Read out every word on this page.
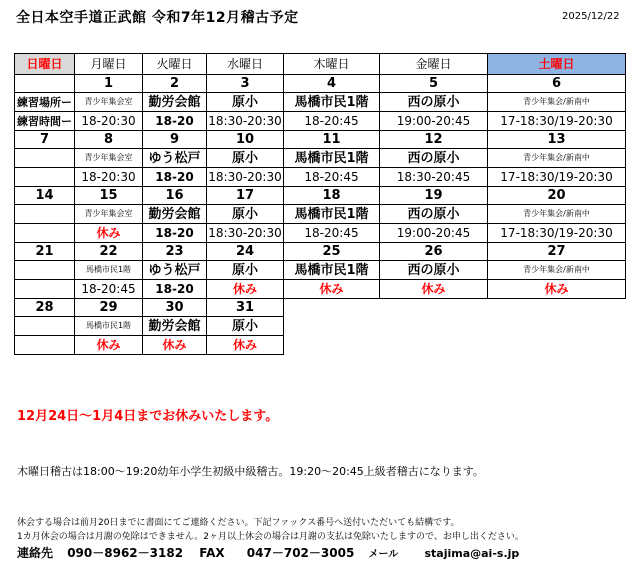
全日本空手道正武館 令和7年12月稽古予定	2025/12/22
日曜日	月曜日	火曜日	水曜日	木曜日	金曜日	土曜日
	1	2	3	4	5	6
練習場所ー	青少年集会室	勤労会館	原小	馬橋市民1階	西の原小	青少年集会/新南中
練習時間ー	18-20:30	18-20	18:30-20:30	18-20:45	19:00-20:45	17-18:30/19-20:30
7	8	9	10	11	12	13
	青少年集会室	ゆう松戸	原小	馬橋市民1階	西の原小	青少年集会/新南中
	18-20:30	18-20	18:30-20:30	18-20:45	18:30-20:45	17-18:30/19-20:30
14	15	16	17	18	19	20
	青少年集会室	勤労会館	原小	馬橋市民1階	西の原小	青少年集会/新南中
	休み	18-20	18:30-20:30	18-20:45	19:00-20:45	17-18:30/19-20:30
21	22	23	24	25	26	27
	馬橋市民1階	ゆう松戸	原小	馬橋市民1階	西の原小	青少年集会/新南中
	18-20:45	18-20	休み	休み	休み	休み
28	29	30	31			
	馬橋市民1階	勤労会館	原小			
	休み	休み	休み			
12月24日～1月4日までお休みいたします。
木曜日稽古は18:00～19:20幼年小学生初級中級稽古。19:20～20:45上級者稽古になります。
休会する場合は前月20日までに書面にてご連絡ください。下記ファックス番号へ送付いただいても結構です。
1カ月休会の場合は月謝の免除はできません。2ヶ月以上休会の場合は月謝の支払は免除いたしますので、お申し出ください。
連絡先 090－8962－3182 FAX 047－702－3005 メール stajima@ai-s.jp
